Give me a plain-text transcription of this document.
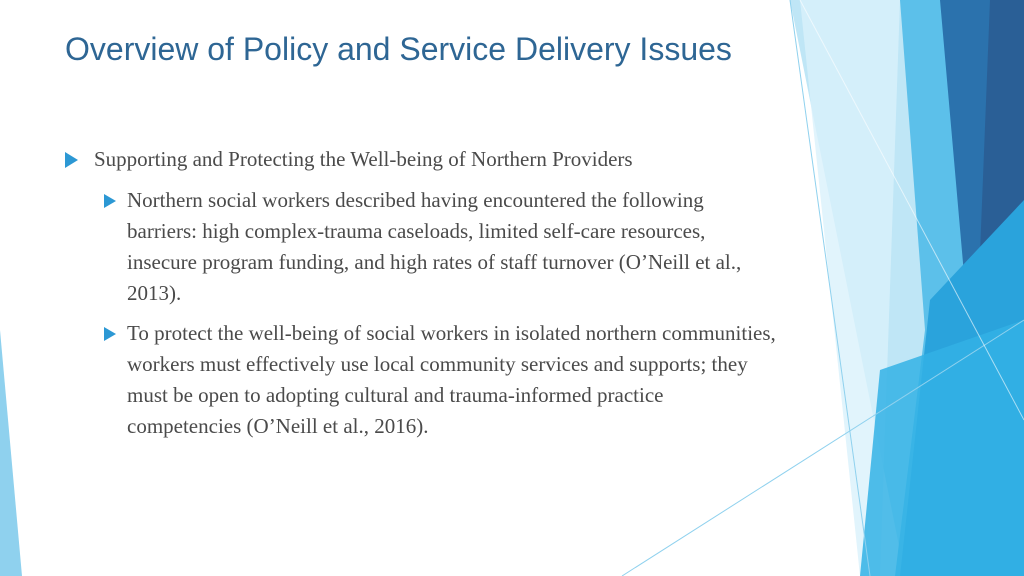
Overview of Policy and Service Delivery Issues
Supporting and Protecting the Well-being of Northern Providers
Northern social workers described having encountered the following barriers: high complex-trauma caseloads, limited self-care resources, insecure program funding, and high rates of staff turnover (O’Neill et al., 2013).
To protect the well-being of social workers in isolated northern communities, workers must effectively use local community services and supports; they must be open to adopting cultural and trauma-informed practice competencies (O’Neill et al., 2016).
